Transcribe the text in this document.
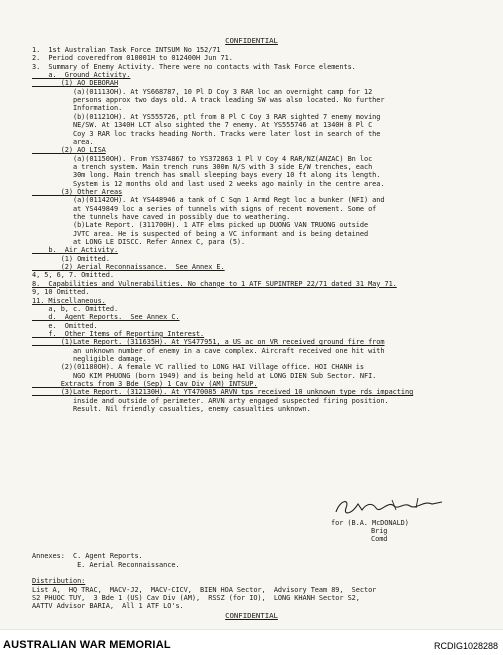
CONFIDENTIAL
1.  1st Australian Task Force INTSUM No 152/71
2.  Period coveredfrom 010001H to 012400H Jun 71.
3.  Summary of Enemy Activity. There were no contacts with Task Force elements.
a.  Ground Activity.
(1) AO DEBORAH
(a)(01113OH). At YS668787, 10 Pl D Coy 3 RAR loc an overnight camp for 12
persons approx two days old. A track leading SW was also located. No further
Information.
(b)(01121OH). At YS555726, ptl from 8 Pl C Coy 3 RAR sighted 7 enemy moving
NE/SW. At 1340H LCT also sighted the 7 enemy. At YS555746 at 1340H 8 Pl C
Coy 3 RAR loc tracks heading North. Tracks were later lost in search of the
area.
(2) AO LISA
(a)(01150OH). From YS374867 to YS372863 1 Pl V Coy 4 RAR/NZ(ANZAC) Bn loc
a trench system. Main trench runs 300m N/S with 3 side E/W trenches, each
30m long. Main trench has small sleeping bays every 10 ft along its length.
System is 12 months old and last used 2 weeks ago mainly in the centre area.
(3) Other Areas
(a)(01142OH). At YS448946 a tank of C Sqn 1 Armd Regt loc a bunker (NFI) and
at YS449849 loc a series of tunnels with signs of recent movement. Some of
the tunnels have caved in possibly due to weathering.
(b)Late Report. (311700H). 1 ATF elms picked up DUONG VAN TRUONG outside
JVTC area. He is suspected of being a VC informant and is being detained
at LONG LE DISCC. Refer Annex C, para (5).
b.  Air Activity.
(1) Omitted.
(2) Aerial Reconnaissance.  See Annex E.
4, 5, 6, 7. Omitted.
8.  Capabilities and Vulnerabilities. No change to 1 ATF SUPINTREP 22/71 dated 31 May 71.
9, 10 Omitted.
11. Miscellaneous.
a, b, c. Omitted.
d.  Agent Reports.  See Annex C.
e.  Omitted.
f.  Other Items of Reporting Interest.
(1)Late Report. (311635H). At YS477951, a US ac on VR received ground fire from
an unknown number of enemy in a cave complex. Aircraft received one hit with
negligible damage.
(2)(01180OH). A female VC rallied to LONG HAI Village office. HOI CHANH is
NGO KIM PHUONG (born 1949) and is being held at LONG DIEN Sub Sector. NFI.
Extracts from 3 Bde (Sep) 1 Cav Div (AM) INTSUP.
(3)Late Report. (312130H). At YT470085 ARVN tps received 10 unknown type rds impacting
inside and outside of perimeter. ARVN arty engaged suspected firing position.
Result. Nil friendly casualties, enemy casualties unknown.
for (B.A. McDONALD)
Brig
Comd
Annexes:  C. Agent Reports.
E. Aerial Reconnaissance.
Distribution:
List A,  HQ TRAC,  MACV-J2,  MACV-CICV,  BIEN HOA Sector,  Advisory Team 89,  Sector
S2 PHUOC TUY,  3 Bde 1 (US) Cav Div (AM),  RSSZ (for IO),  LONG KHANH Sector S2,
AATTV Advisor BARIA,  All 1 ATF LO's.
CONFIDENTIAL
AUSTRALIAN WAR MEMORIAL	RCDIG1028288
